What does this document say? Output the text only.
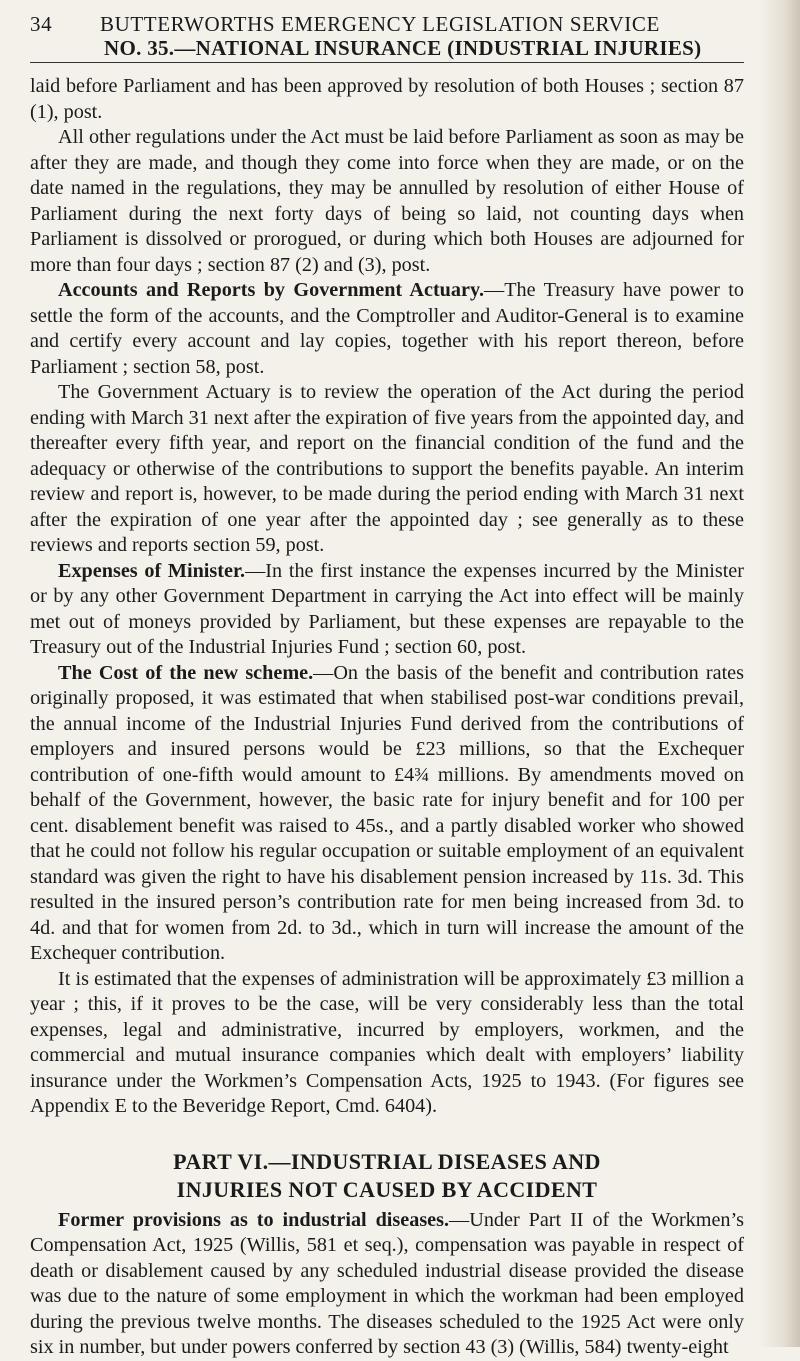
34 BUTTERWORTHS EMERGENCY LEGISLATION SERVICE
NO. 35.—NATIONAL INSURANCE (INDUSTRIAL INJURIES)

laid before Parliament and has been approved by resolution of both Houses ; section 87 (1), post.

All other regulations under the Act must be laid before Parliament as soon as may be after they are made, and though they come into force when they are made, or on the date named in the regulations, they may be annulled by resolution of either House of Parliament during the next forty days of being so laid, not counting days when Parliament is dissolved or prorogued, or during which both Houses are adjourned for more than four days ; section 87 (2) and (3), post.

Accounts and Reports by Government Actuary.—The Treasury have power to settle the form of the accounts, and the Comptroller and Auditor-General is to examine and certify every account and lay copies, together with his report thereon, before Parliament ; section 58, post.

The Government Actuary is to review the operation of the Act during the period ending with March 31 next after the expiration of five years from the appointed day, and thereafter every fifth year, and report on the financial condition of the fund and the adequacy or otherwise of the contributions to support the benefits payable. An interim review and report is, however, to be made during the period ending with March 31 next after the expiration of one year after the appointed day ; see generally as to these reviews and reports section 59, post.

Expenses of Minister.—In the first instance the expenses incurred by the Minister or by any other Government Department in carrying the Act into effect will be mainly met out of moneys provided by Parliament, but these expenses are repayable to the Treasury out of the Industrial Injuries Fund ; section 60, post.

The Cost of the new scheme.—On the basis of the benefit and contribution rates originally proposed, it was estimated that when stabilised post-war conditions prevail, the annual income of the Industrial Injuries Fund derived from the contributions of employers and insured persons would be £23 millions, so that the Exchequer contribution of one-fifth would amount to £4¾ millions. By amendments moved on behalf of the Government, however, the basic rate for injury benefit and for 100 per cent. disablement benefit was raised to 45s., and a partly disabled worker who showed that he could not follow his regular occupation or suitable employment of an equivalent standard was given the right to have his disablement pension increased by 11s. 3d. This resulted in the insured person’s contribution rate for men being increased from 3d. to 4d. and that for women from 2d. to 3d., which in turn will increase the amount of the Exchequer contribution.

It is estimated that the expenses of administration will be approximately £3 million a year ; this, if it proves to be the case, will be very considerably less than the total expenses, legal and administrative, incurred by employers, workmen, and the commercial and mutual insurance companies which dealt with employers’ liability insurance under the Workmen’s Compensation Acts, 1925 to 1943. (For figures see Appendix E to the Beveridge Report, Cmd. 6404).

PART VI.—INDUSTRIAL DISEASES AND
INJURIES NOT CAUSED BY ACCIDENT

Former provisions as to industrial diseases.—Under Part II of the Workmen’s Compensation Act, 1925 (Willis, 581 et seq.), compensation was payable in respect of death or disablement caused by any scheduled industrial disease provided the disease was due to the nature of some employment in which the workman had been employed during the previous twelve months. The diseases scheduled to the 1925 Act were only six in number, but under powers conferred by section 43 (3) (Willis, 584) twenty-eight
